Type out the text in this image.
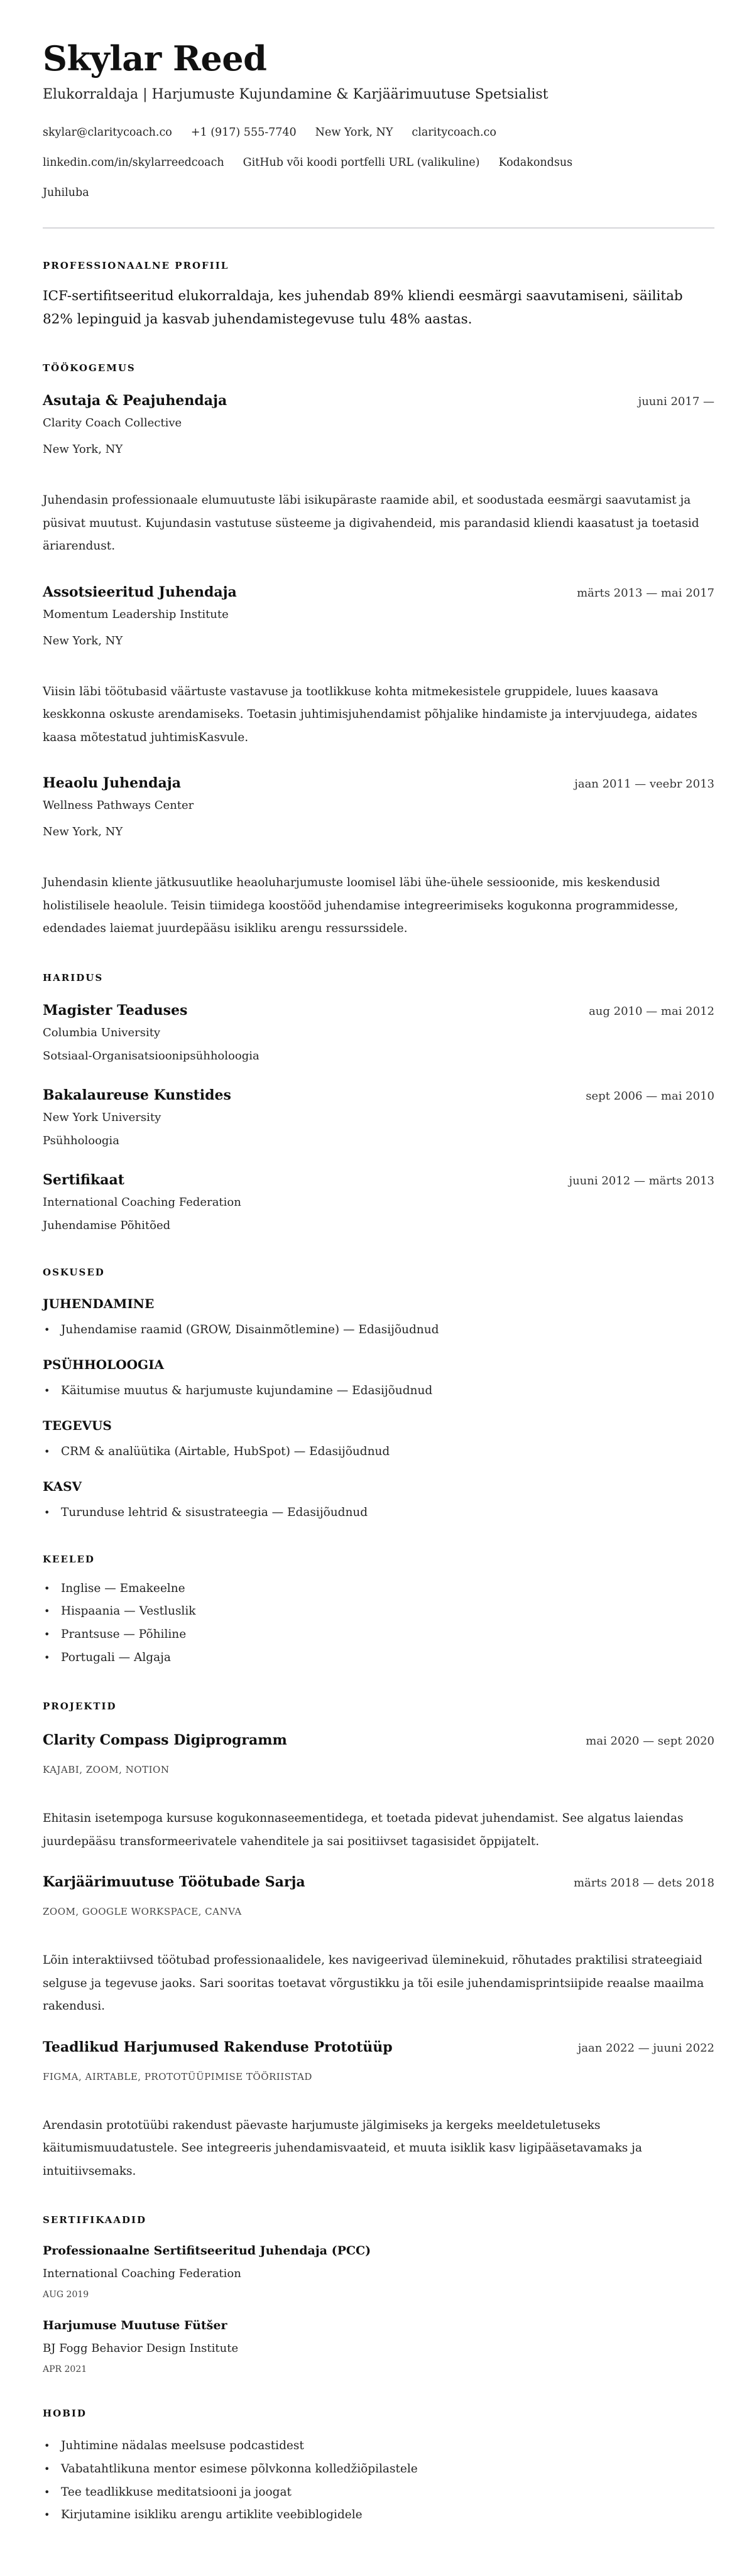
Skylar Reed
Elukorraldaja | Harjumuste Kujundamine & Karjäärimuutuse Spetsialist
skylar@claritycoach.co +1 (917) 555-7740 New York, NY claritycoach.co
linkedin.com/in/skylarreedcoach GitHub või koodi portfelli URL (valikuline) Kodakondsus
Juhiluba
PROFESSIONAALNE PROFIIL
ICF-sertifitseeritud elukorraldaja, kes juhendab 89% kliendi eesmärgi saavutamiseni, säilitab 82% lepinguid ja kasvab juhendamistegevuse tulu 48% aastas.
TÖÖKOGEMUS
Asutaja & Peajuhendaja	juuni 2017 —
Clarity Coach Collective
New York, NY
Juhendasin professionaale elumuutuste läbi isikupäraste raamide abil, et soodustada eesmärgi saavutamist ja püsivat muutust. Kujundasin vastutuse süsteeme ja digivahendeid, mis parandasid kliendi kaasatust ja toetasid äriarendust.
Assotsieeritud Juhendaja	märts 2013 — mai 2017
Momentum Leadership Institute
New York, NY
Viisin läbi töötubasid väärtuste vastavuse ja tootlikkuse kohta mitmekesistele gruppidele, luues kaasava keskkonna oskuste arendamiseks. Toetasin juhtimisjuhendamist põhjalike hindamiste ja intervjuudega, aidates kaasa mõtestatud juhtimisKasvule.
Heaolu Juhendaja	jaan 2011 — veebr 2013
Wellness Pathways Center
New York, NY
Juhendasin kliente jätkusuutlike heaoluharjumuste loomisel läbi ühe-ühele sessioonide, mis keskendusid holistilisele heaolule. Teisin tiimidega koostööd juhendamise integreerimiseks kogukonna programmidesse, edendades laiemat juurdepääsu isikliku arengu ressurssidele.
HARIDUS
Magister Teaduses	aug 2010 — mai 2012
Columbia University
Sotsiaal-Organisatsioonipsühholoogia
Bakalaureuse Kunstides	sept 2006 — mai 2010
New York University
Psühholoogia
Sertifikaat	juuni 2012 — märts 2013
International Coaching Federation
Juhendamise Põhitõed
OSKUSED
JUHENDAMINE
• Juhendamise raamid (GROW, Disainmõtlemine) — Edasijõudnud
PSÜHHOLOOGIA
• Käitumise muutus & harjumuste kujundamine — Edasijõudnud
TEGEVUS
• CRM & analüütika (Airtable, HubSpot) — Edasijõudnud
KASV
• Turunduse lehtrid & sisustrateegia — Edasijõudnud
KEELED
• Inglise — Emakeelne
• Hispaania — Vestluslik
• Prantsuse — Põhiline
• Portugali — Algaja
PROJEKTID
Clarity Compass Digiprogramm	mai 2020 — sept 2020
KAJABI, ZOOM, NOTION
Ehitasin isetempoga kursuse kogukonnaseementidega, et toetada pidevat juhendamist. See algatus laiendas juurdepääsu transformeerivatele vahenditele ja sai positiivset tagasisidet õppijatelt.
Karjäärimuutuse Töötubade Sarja	märts 2018 — dets 2018
ZOOM, GOOGLE WORKSPACE, CANVA
Lõin interaktiivsed töötubad professionaalidele, kes navigeerivad üleminekuid, rõhutades praktilisi strateegiaid selguse ja tegevuse jaoks. Sari sooritas toetavat võrgustikku ja tõi esile juhendamisprintsiipide reaalse maailma rakendusi.
Teadlikud Harjumused Rakenduse Prototüüp	jaan 2022 — juuni 2022
FIGMA, AIRTABLE, PROTOTÜÜPIMISE TÖÖRIISTAD
Arendasin prototüübi rakendust päevaste harjumuste jälgimiseks ja kergeks meeldetuletuseks käitumismuudatustele. See integreeris juhendamisvaateid, et muuta isiklik kasv ligipääsetavamaks ja intuitiivsemaks.
SERTIFIKAADID
Professionaalne Sertifitseeritud Juhendaja (PCC)
International Coaching Federation
AUG 2019
Harjumuse Muutuse Fütšer
BJ Fogg Behavior Design Institute
APR 2021
HOBID
• Juhtimine nädalas meelsuse podcastidest
• Vabatahtlikuna mentor esimese põlvkonna kolledžiõpilastele
• Tee teadlikkuse meditatsiooni ja joogat
• Kirjutamine isikliku arengu artiklite veebiblogidele
